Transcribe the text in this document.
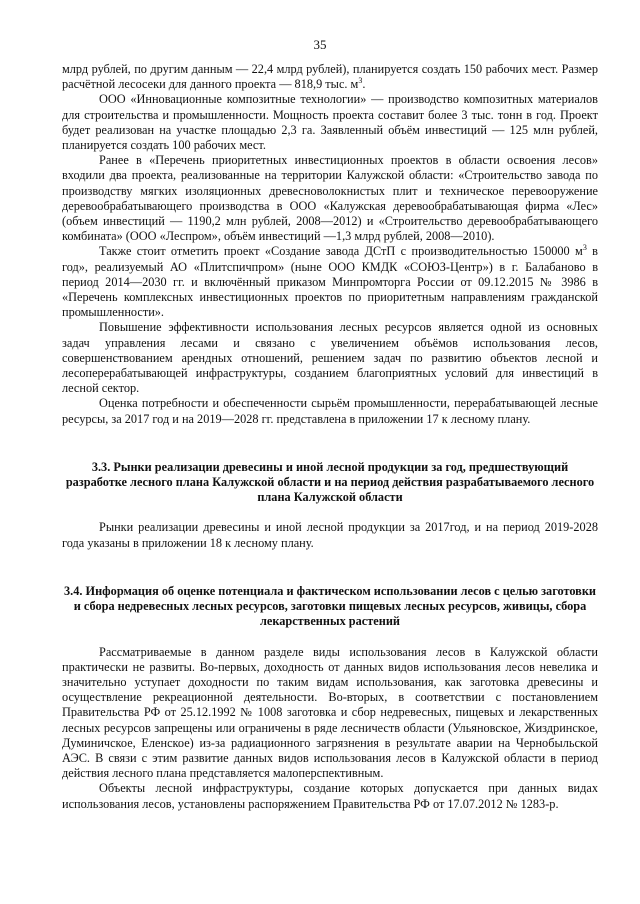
35

млрд рублей, по другим данным — 22,4 млрд рублей), планируется создать 150 рабочих мест. Размер расчётной лесосеки для данного проекта — 818,9 тыс. $м^3$.

ООО «Инновационные композитные технологии» — производство композитных материалов для строительства и промышленности. Мощность проекта составит более 3 тыс. тонн в год. Проект будет реализован на участке площадью 2,3 га. Заявленный объём инвестиций — 125 млн рублей, планируется создать 100 рабочих мест.

Ранее в «Перечень приоритетных инвестиционных проектов в области освоения лесов» входили два проекта, реализованные на территории Калужской области: «Строительство завода по производству мягких изоляционных древесноволокнистых плит и техническое перевооружение деревообрабатывающего производства в ООО «Калужская деревообрабатывающая фирма «Лес» (объем инвестиций — 1190,2 млн рублей, 2008—2012) и «Строительство деревообрабатывающего комбината» (ООО «Леспром», объём инвестиций —1,3 млрд рублей, 2008—2010).

Также стоит отметить проект «Создание завода ДСтП с производительностью 150000 $м^3$ в год», реализуемый АО «Плитспичпром» (ныне ООО КМДК «СОЮЗ-Центр») в г. Балабаново в период 2014—2030 гг. и включённый приказом Минпромторга России от 09.12.2015 № 3986 в «Перечень комплексных инвестиционных проектов по приоритетным направлениям гражданской промышленности».

Повышение эффективности использования лесных ресурсов является одной из основных задач управления лесами и связано с увеличением объёмов использования лесов, совершенствованием арендных отношений, решением задач по развитию объектов лесной и лесоперерабатывающей инфраструктуры, созданием благоприятных условий для инвестиций в лесной сектор.

Оценка потребности и обеспеченности сырьём промышленности, перерабатывающей лесные ресурсы, за 2017 год и на 2019—2028 гг. представлена в приложении 17 к лесному плану.

3.3. Рынки реализации древесины и иной лесной продукции за год, предшествующий разработке лесного плана Калужской области и на период действия разрабатываемого лесного плана Калужской области

Рынки реализации древесины и иной лесной продукции за 2017год, и на период 2019-2028 года указаны в приложении 18 к лесному плану.

3.4. Информация об оценке потенциала и фактическом использовании лесов с целью заготовки и сбора недревесных лесных ресурсов, заготовки пищевых лесных ресурсов, живицы, сбора лекарственных растений

Рассматриваемые в данном разделе виды использования лесов в Калужской области практически не развиты. Во-первых, доходность от данных видов использования лесов невелика и значительно уступает доходности по таким видам использования, как заготовка древесины и осуществление рекреационной деятельности. Во-вторых, в соответствии с постановлением Правительства РФ от 25.12.1992 № 1008 заготовка и сбор недревесных, пищевых и лекарственных лесных ресурсов запрещены или ограничены в ряде лесничеств области (Ульяновское, Жиздринское, Думиничское, Еленское) из-за радиационного загрязнения в результате аварии на Чернобыльской АЭС. В связи с этим развитие данных видов использования лесов в Калужской области в период действия лесного плана представляется малоперспективным.

Объекты лесной инфраструктуры, создание которых допускается при данных видах использования лесов, установлены распоряжением Правительства РФ от 17.07.2012 № 1283-р.
